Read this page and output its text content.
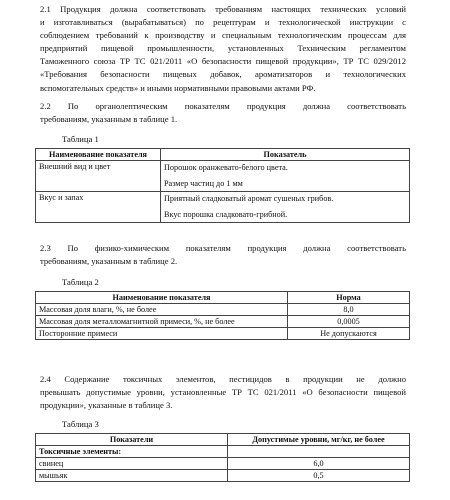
2.1 Продукция должна соответствовать требованиям настоящих технических условий
и изготавливаться (вырабатываться) по рецептурам и технологической инструкции с
соблюдением требований к производству и специальным технологическим процессам для
предприятий пищевой промышленности, установленных Техническим регламентом
Таможенного союза ТР ТС 021/2011 «О безопасности пищевой продукции», ТР ТС 029/2012
«Требования безопасности пищевых добавок, ароматизаторов и технологических
вспомогательных средств» и иными нормативными правовыми актами РФ.
2.2 По органолептическим показателям продукция должна соответствовать
требованиям, указанным в таблице 1.
Таблица 1
Наименование показателя	Показатель
Внешний вид и цвет	Порошок оранжевато-белого цвета.
Размер частиц до 1 мм

Вкус и запах	Приятный сладковатый аромат сушеных грибов.
Вкус порошка сладковато-грибной.
2.3 По физико-химическим показателям продукция должна соответствовать
требованиям, указанным в таблице 2.
Таблица 2
Наименование показателя	Норма
Массовая доля влаги, %, не более	8,0
Массовая доля металломагнитной примеси, %, не более	0,0005
Посторонние примеси	Не допускаются
2.4 Содержание токсичных элементов, пестицидов в продукции не должно
превышать допустимые уровни, установленные ТР ТС 021/2011 «О безопасности пищевой
продукции», указанные в таблице 3.
Таблица 3
Показатели	Допустимые уровни, мг/кг, не более
Токсичные элементы:	
свинец	6,0
мышьяк	0,5
